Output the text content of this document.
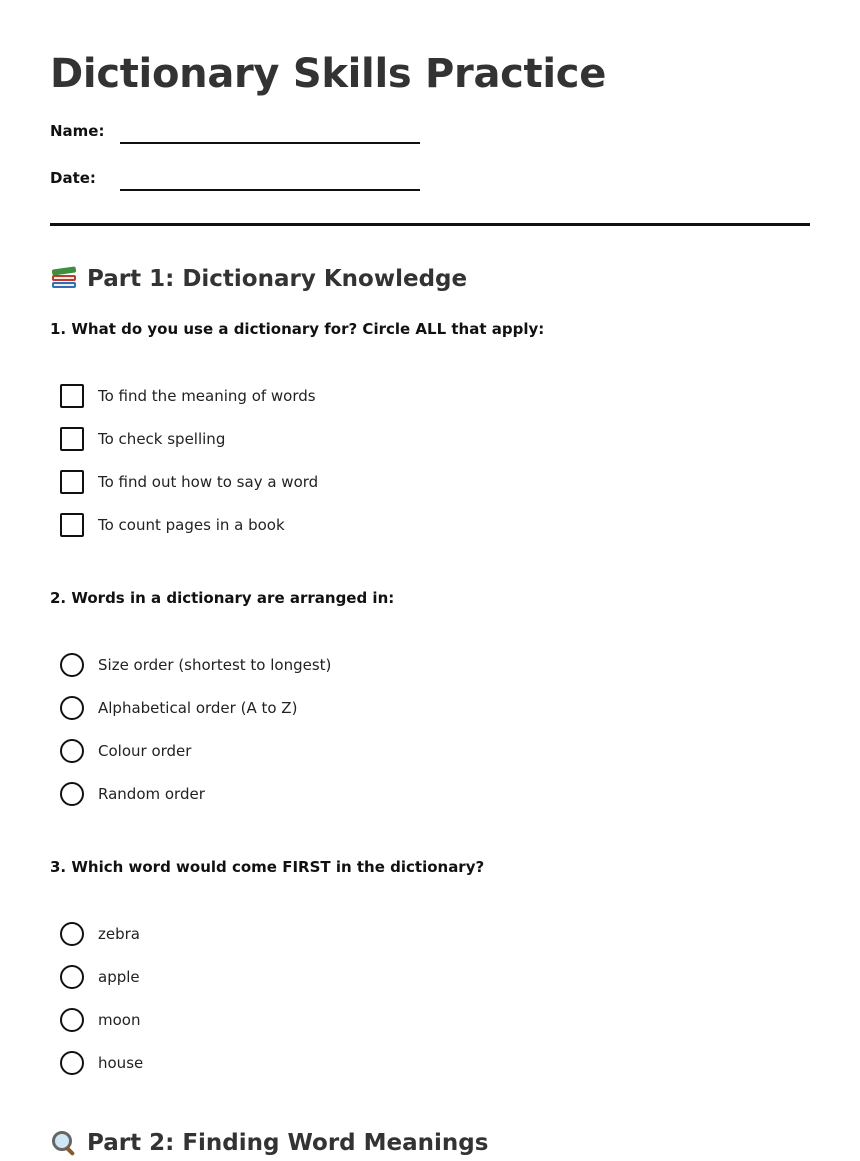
Dictionary Skills Practice
Name:
Date:
Part 1: Dictionary Knowledge

1. What do you use a dictionary for? Circle ALL that apply:

To find the meaning of words
To check spelling
To find out how to say a word
To count pages in a book

2. Words in a dictionary are arranged in:

Size order (shortest to longest)
Alphabetical order (A to Z)
Colour order
Random order

3. Which word would come FIRST in the dictionary?

zebra
apple
moon
house
Part 2: Finding Word Meanings
